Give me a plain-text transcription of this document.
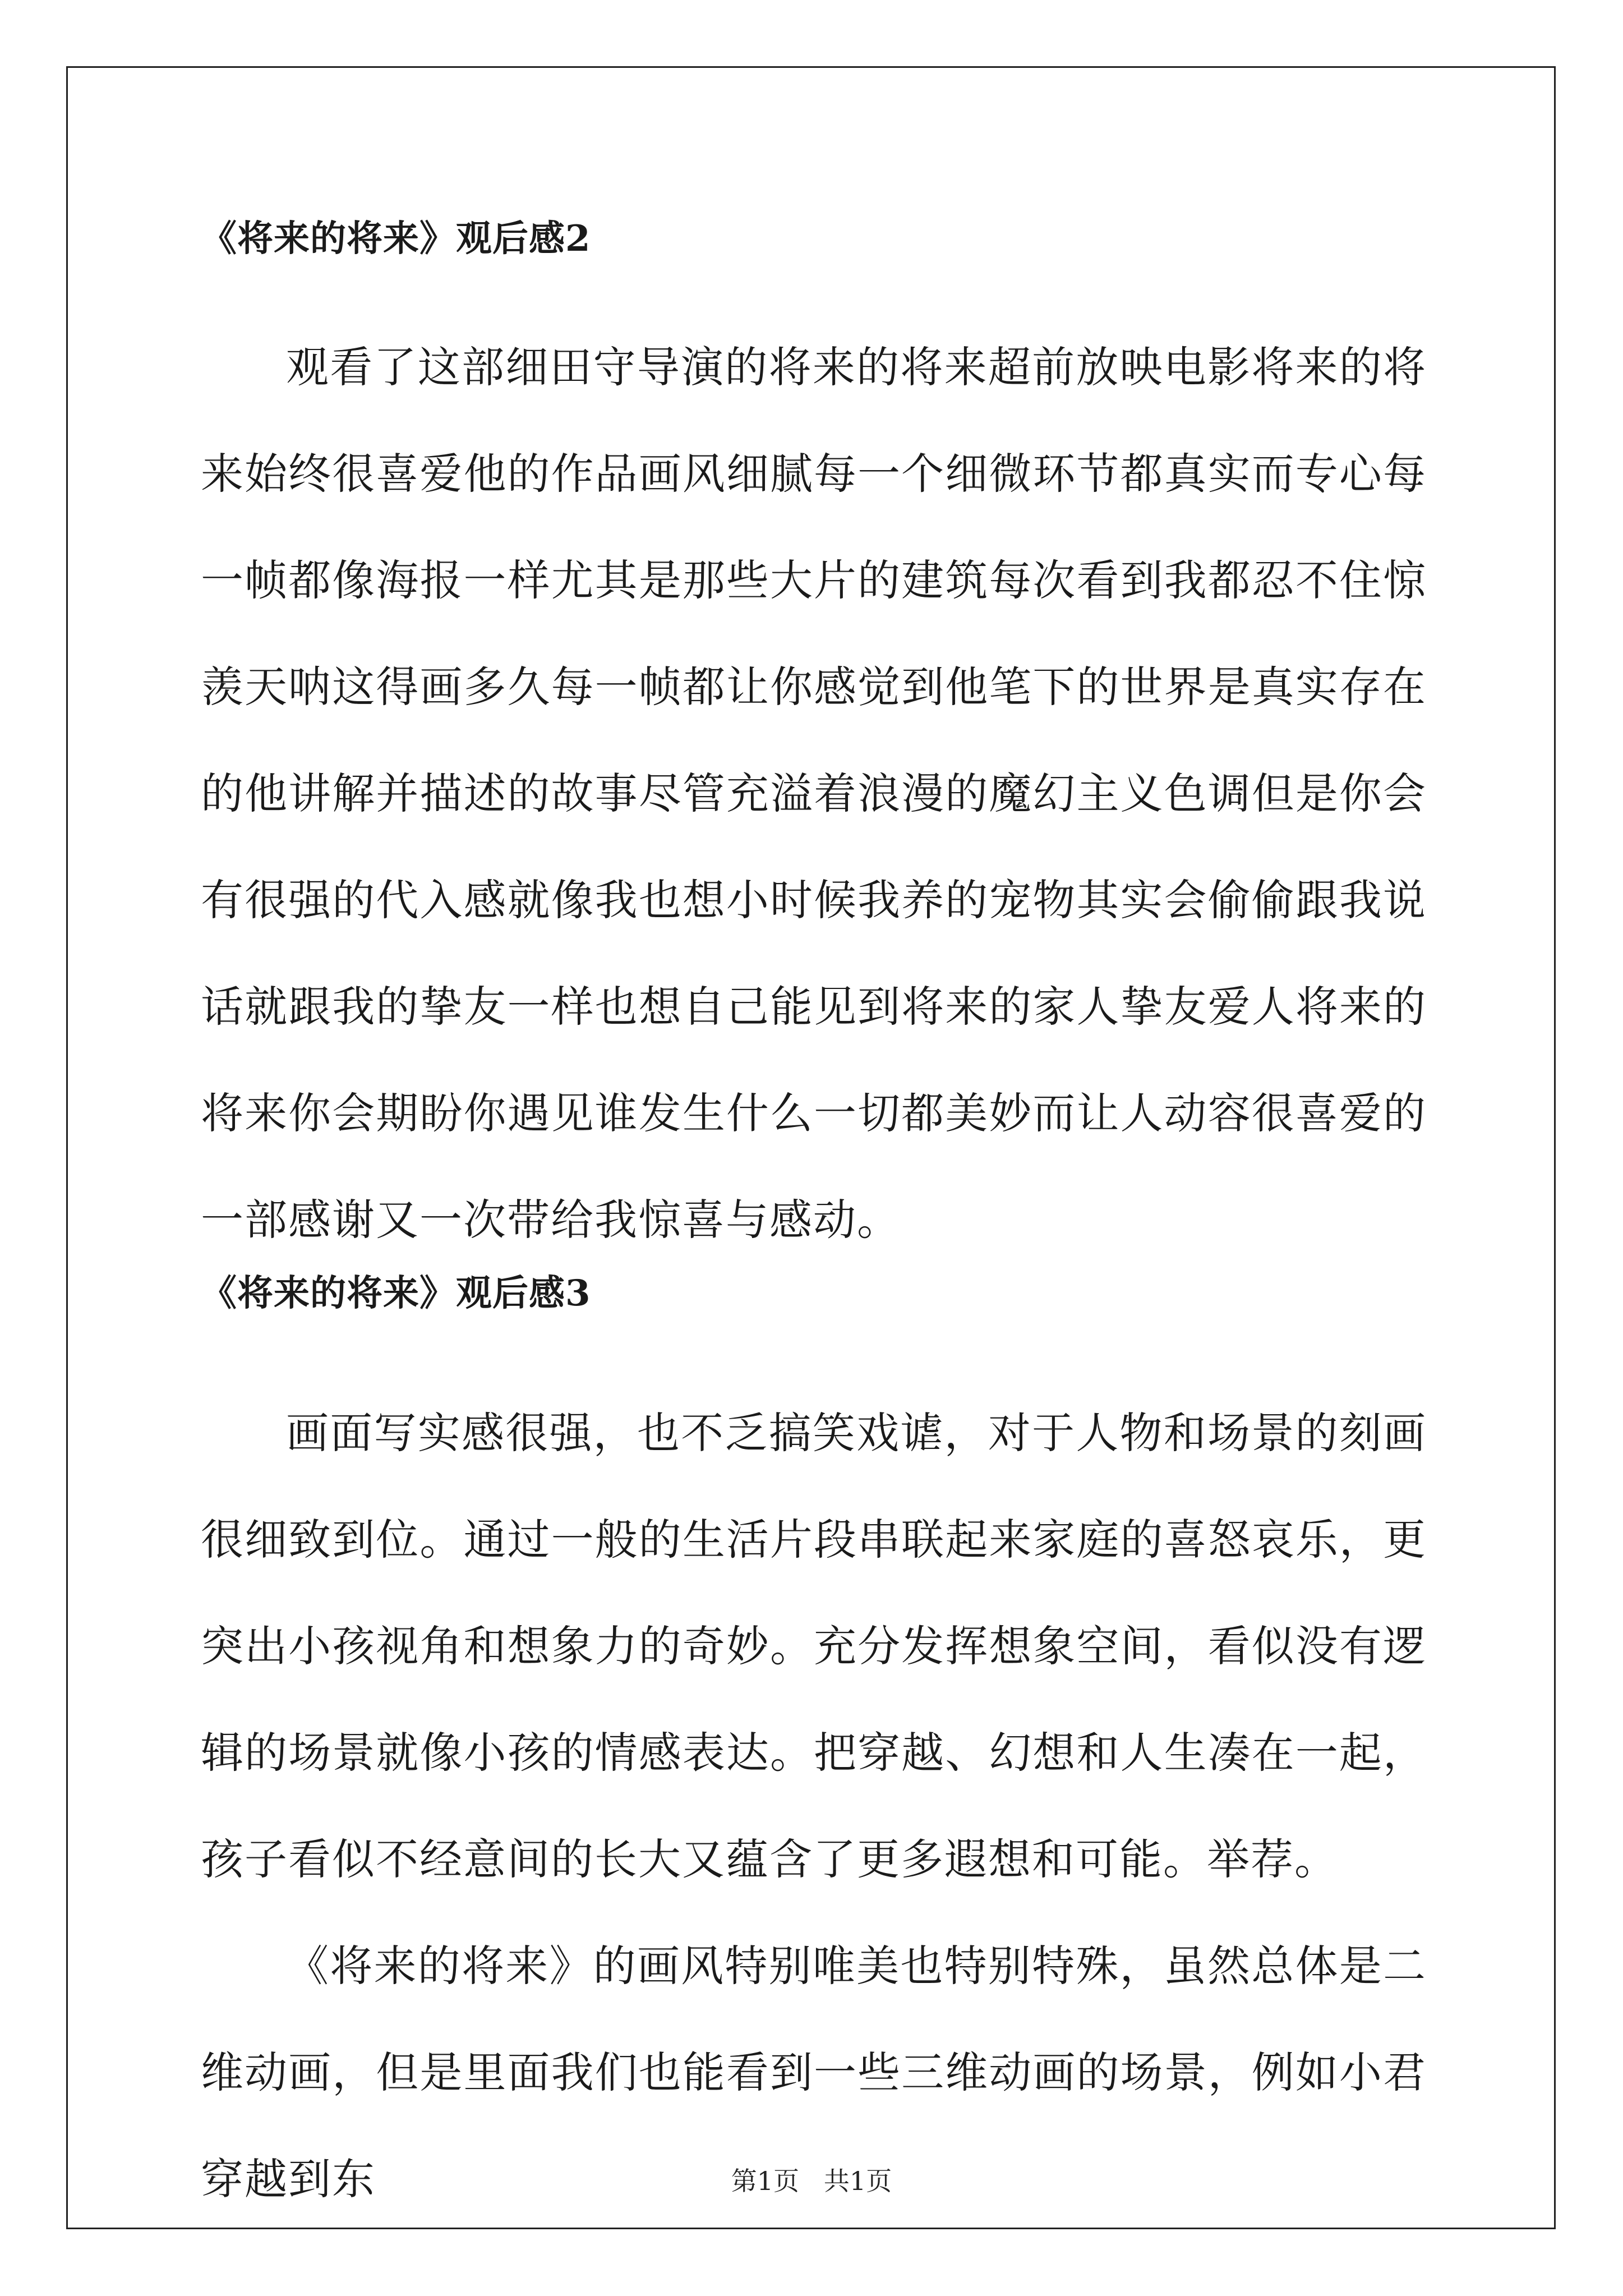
《将来的将来》观后感2

观看了这部细田守导演的将来的将来超前放映电影将来的将来始终很喜爱他的作品画风细腻每一个细微环节都真实而专心每一帧都像海报一样尤其是那些大片的建筑每次看到我都忍不住惊羡天呐这得画多久每一帧都让你感觉到他笔下的世界是真实存在的他讲解并描述的故事尽管充溢着浪漫的魔幻主义色调但是你会有很强的代入感就像我也想小时候我养的宠物其实会偷偷跟我说话就跟我的挚友一样也想自己能见到将来的家人挚友爱人将来的将来你会期盼你遇见谁发生什么一切都美妙而让人动容很喜爱的一部感谢又一次带给我惊喜与感动。

《将来的将来》观后感3

画面写实感很强，也不乏搞笑戏谑，对于人物和场景的刻画很细致到位。通过一般的生活片段串联起来家庭的喜怒哀乐，更突出小孩视角和想象力的奇妙。充分发挥想象空间，看似没有逻辑的场景就像小孩的情感表达。把穿越、幻想和人生凑在一起，孩子看似不经意间的长大又蕴含了更多遐想和可能。举荐。

《将来的将来》的画风特别唯美也特别特殊，虽然总体是二维动画，但是里面我们也能看到一些三维动画的场景，例如小君穿越到东	第1页   共1页
